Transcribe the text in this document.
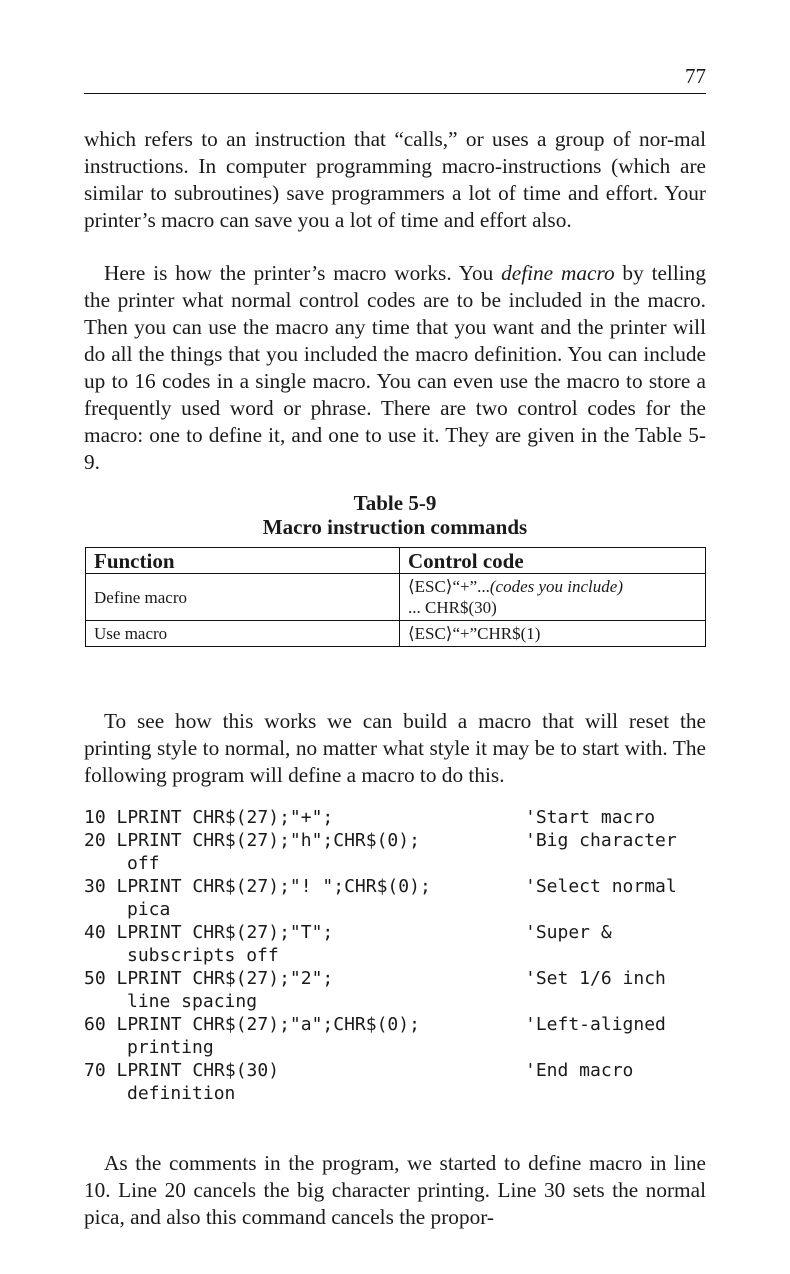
77

which refers to an instruction that “calls,” or uses a group of nor-mal instructions. In computer programming macro-instructions (which are similar to subroutines) save programmers a lot of time and effort. Your printer’s macro can save you a lot of time and effort also.

Here is how the printer’s macro works. You define macro by telling the printer what normal control codes are to be included in the macro. Then you can use the macro any time that you want and the printer will do all the things that you included the macro definition. You can include up to 16 codes in a single macro. You can even use the macro to store a frequently used word or phrase. There are two control codes for the macro: one to define it, and one to use it. They are given in the Table 5-9.

Table 5-9
Macro instruction commands
Function	Control code
Define macro	⟨ESC⟩“+”...(codes you include)
... CHR$(30)
Use macro	⟨ESC⟩“+”CHR$(1)

To see how this works we can build a macro that will reset the printing style to normal, no matter what style it may be to start with. The following program will define a macro to do this.

10 LPRINT CHR$(27);"+";	'Start macro
20 LPRINT CHR$(27);"h";CHR$(0);	'Big character
off
30 LPRINT CHR$(27);"! ";CHR$(0);	'Select normal
pica
40 LPRINT CHR$(27);"T";	'Super &
subscripts off
50 LPRINT CHR$(27);"2";	'Set 1/6 inch
line spacing
60 LPRINT CHR$(27);"a";CHR$(0);	'Left-aligned
printing
70 LPRINT CHR$(30)	'End macro
definition

As the comments in the program, we started to define macro in line 10. Line 20 cancels the big character printing. Line 30 sets the normal pica, and also this command cancels the propor-
